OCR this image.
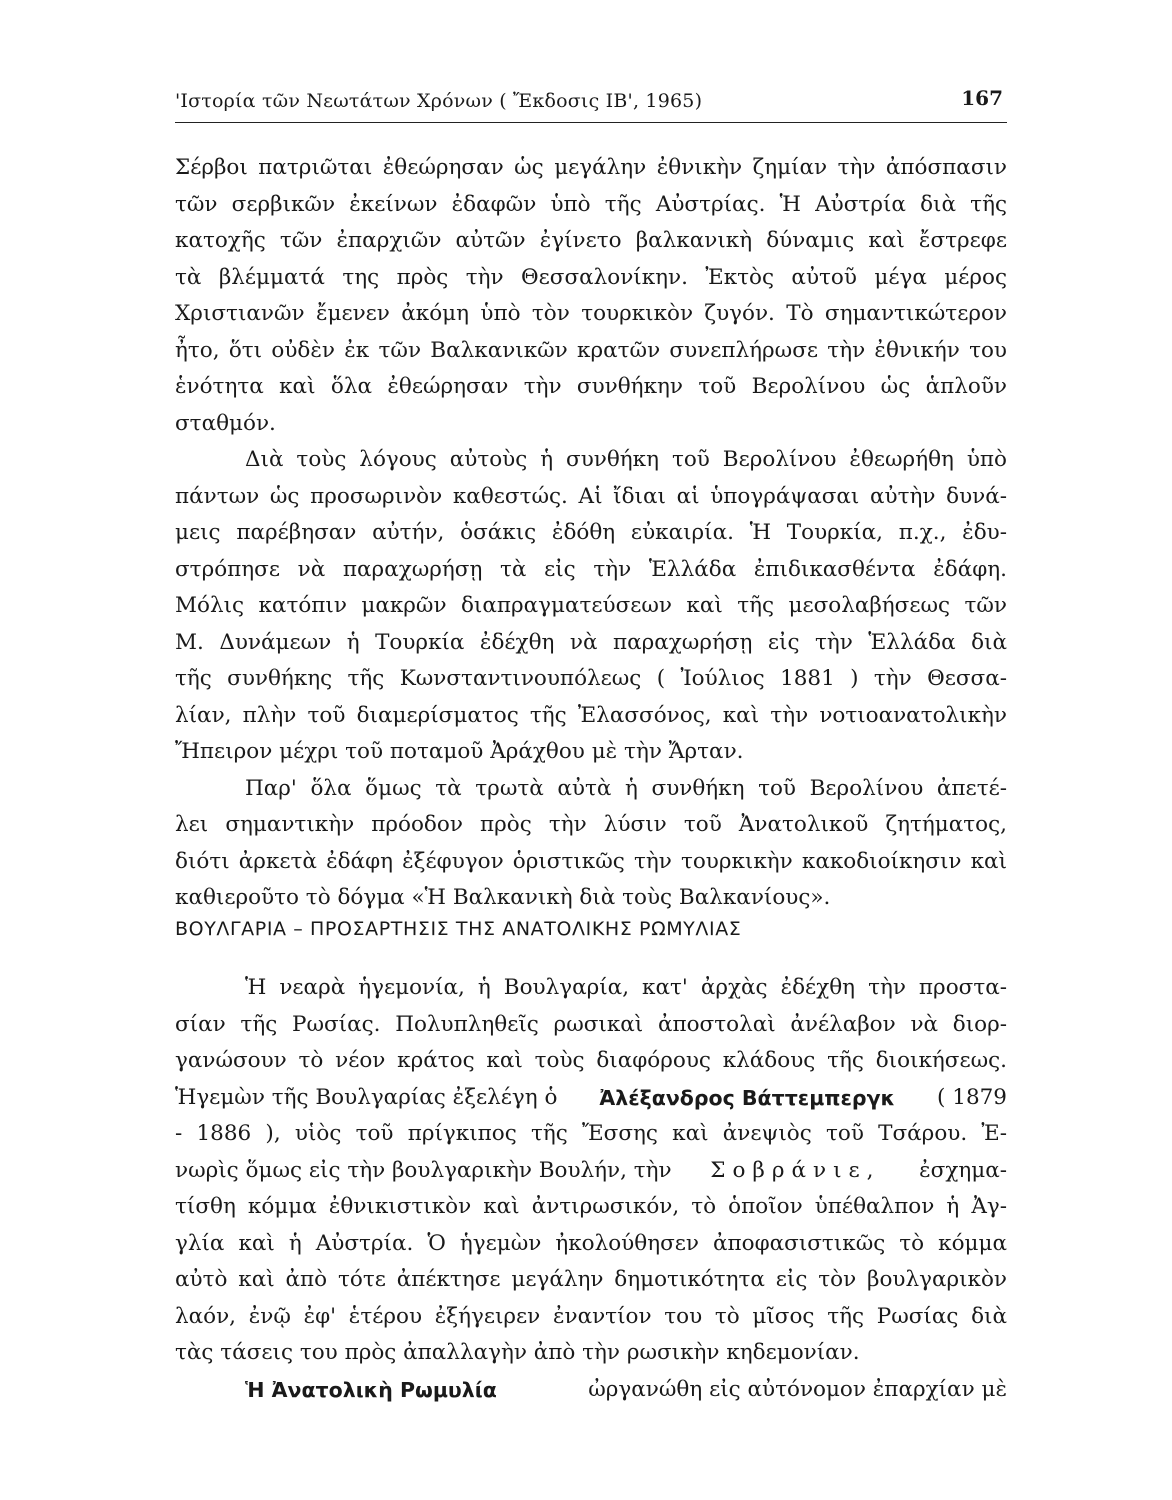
'Ιστορία τῶν Νεωτάτων Χρόνων ( Ἔκδοσις ΙΒ', 1965)	167
Σέρβοι πατριῶται ἐθεώρησαν ὡς μεγάλην ἐθνικὴν ζημίαν τὴν ἀπόσπασιν
τῶν σερβικῶν ἐκείνων ἐδαφῶν ὑπὸ τῆς Αὐστρίας. Ἡ Αὐστρία διὰ τῆς
κατοχῆς τῶν ἐπαρχιῶν αὐτῶν ἐγίνετο βαλκανικὴ δύναμις καὶ ἔστρεφε
τὰ βλέμματά της πρὸς τὴν Θεσσαλονίκην. Ἐκτὸς αὐτοῦ μέγα μέρος
Χριστιανῶν ἔμενεν ἀκόμη ὑπὸ τὸν τουρκικὸν ζυγόν. Τὸ σημαντικώτερον
ἦτο, ὅτι οὐδὲν ἐκ τῶν Βαλκανικῶν κρατῶν συνεπλήρωσε τὴν ἐθνικήν του
ἑνότητα καὶ ὅλα ἐθεώρησαν τὴν συνθήκην τοῦ Βερολίνου ὡς ἁπλοῦν
σταθμόν.
Διὰ τοὺς λόγους αὐτοὺς ἡ συνθήκη τοῦ Βερολίνου ἐθεωρήθη ὑπὸ
πάντων ὡς προσωρινὸν καθεστώς. Αἱ ἴδιαι αἱ ὑπογράψασαι αὐτὴν δυνά-
μεις παρέβησαν αὐτήν, ὁσάκις ἐδόθη εὐκαιρία. Ἡ Τουρκία, π.χ., ἐδυ-
στρόπησε νὰ παραχωρήσῃ τὰ εἰς τὴν Ἑλλάδα ἐπιδικασθέντα ἐδάφη.
Μόλις κατόπιν μακρῶν διαπραγματεύσεων καὶ τῆς μεσολαβήσεως τῶν
Μ. Δυνάμεων ἡ Τουρκία ἐδέχθη νὰ παραχωρήσῃ εἰς τὴν Ἑλλάδα διὰ
τῆς συνθήκης τῆς Κωνσταντινουπόλεως ( Ἰούλιος 1881 ) τὴν Θεσσα-
λίαν, πλὴν τοῦ διαμερίσματος τῆς Ἐλασσόνος, καὶ τὴν νοτιοανατολικὴν
Ἤπειρον μέχρι τοῦ ποταμοῦ Ἀράχθου μὲ τὴν Ἄρταν.
Παρ' ὅλα ὅμως τὰ τρωτὰ αὐτὰ ἡ συνθήκη τοῦ Βερολίνου ἀπετέ-
λει σημαντικὴν πρόοδον πρὸς τὴν λύσιν τοῦ Ἀνατολικοῦ ζητήματος,
διότι ἀρκετὰ ἐδάφη ἐξέφυγον ὁριστικῶς τὴν τουρκικὴν κακοδιοίκησιν καὶ
καθιεροῦτο τὸ δόγμα «Ἡ Βαλκανικὴ διὰ τοὺς Βαλκανίους».
ΒΟΥΛΓΑΡΙΑ – ΠΡΟΣΑΡΤΗΣΙΣ ΤΗΣ ΑΝΑΤΟΛΙΚΗΣ ΡΩΜΥΛΙΑΣ
Ἡ νεαρὰ ἡγεμονία, ἡ Βουλγαρία, κατ' ἀρχὰς ἐδέχθη τὴν προστα-
σίαν τῆς Ρωσίας. Πολυπληθεῖς ρωσικαὶ ἀποστολαὶ ἀνέλαβον νὰ διορ-
γανώσουν τὸ νέον κράτος καὶ τοὺς διαφόρους κλάδους τῆς διοικήσεως.
Ἡγεμὼν τῆς Βουλγαρίας ἐξελέγη ὁ Ἀλέξανδρος Βάττεμπεργκ ( 1879
- 1886 ), υἱὸς τοῦ πρίγκιπος τῆς Ἔσσης καὶ ἀνεψιὸς τοῦ Τσάρου. Ἐ-
νωρὶς ὅμως εἰς τὴν βουλγαρικὴν Βουλήν, τὴν Σοβράνιε, ἐσχημα-
τίσθη κόμμα ἐθνικιστικὸν καὶ ἀντιρωσικόν, τὸ ὁποῖον ὑπέθαλπον ἡ Ἀγ-
γλία καὶ ἡ Αὐστρία. Ὁ ἡγεμὼν ἠκολούθησεν ἀποφασιστικῶς τὸ κόμμα
αὐτὸ καὶ ἀπὸ τότε ἀπέκτησε μεγάλην δημοτικότητα εἰς τὸν βουλγαρικὸν
λαόν, ἐνῷ ἐφ' ἑτέρου ἐξήγειρεν ἐναντίον του τὸ μῖσος τῆς Ρωσίας διὰ
τὰς τάσεις του πρὸς ἀπαλλαγὴν ἀπὸ τὴν ρωσικὴν κηδεμονίαν.
Ἡ Ἀνατολικὴ Ρωμυλία	ὠργανώθη εἰς αὐτόνομον ἐπαρχίαν μὲ
